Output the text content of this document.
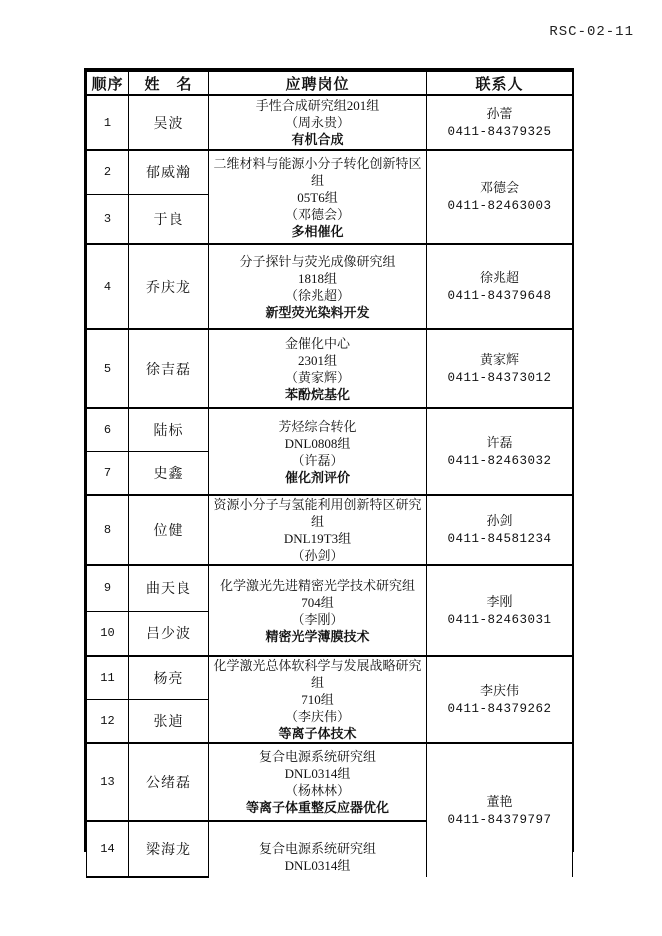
RSC-02-11
顺序	姓　名	应聘岗位	联系人
1	吴波	手性合成研究组201组
（周永贵）
有机合成	孙蕾
0411-84379325

2	郁威瀚	二维材料与能源小分子转化创新特区组
05T6组
（邓德会）
多相催化	邓德会
0411-82463003

3	于良		
4	乔庆龙	分子探针与荧光成像研究组
1818组
（徐兆超）
新型荧光染料开发	徐兆超
0411-84379648

5	徐吉磊	金催化中心
2301组
（黄家辉）
苯酚烷基化	黄家辉
0411-84373012

6	陆标	芳烃综合转化
DNL0808组
（许磊）
催化剂评价	许磊
0411-82463032

7	史鑫		
8	位健	资源小分子与氢能利用创新特区研究组
DNL19T3组
（孙剑）	孙剑
0411-84581234

9	曲天良	化学激光先进精密光学技术研究组
704组
（李刚）
精密光学薄膜技术	李刚
0411-82463031

10	吕少波		
11	杨亮	化学激光总体软科学与发展战略研究组
710组
（李庆伟）
等离子体技术	李庆伟
0411-84379262

12	张逌		
13	公绪磊	复合电源系统研究组
DNL0314组
（杨林林）
等离子体重整反应器优化	董艳
0411-84379797

14	梁海龙	复合电源系统研究组
DNL0314组	
